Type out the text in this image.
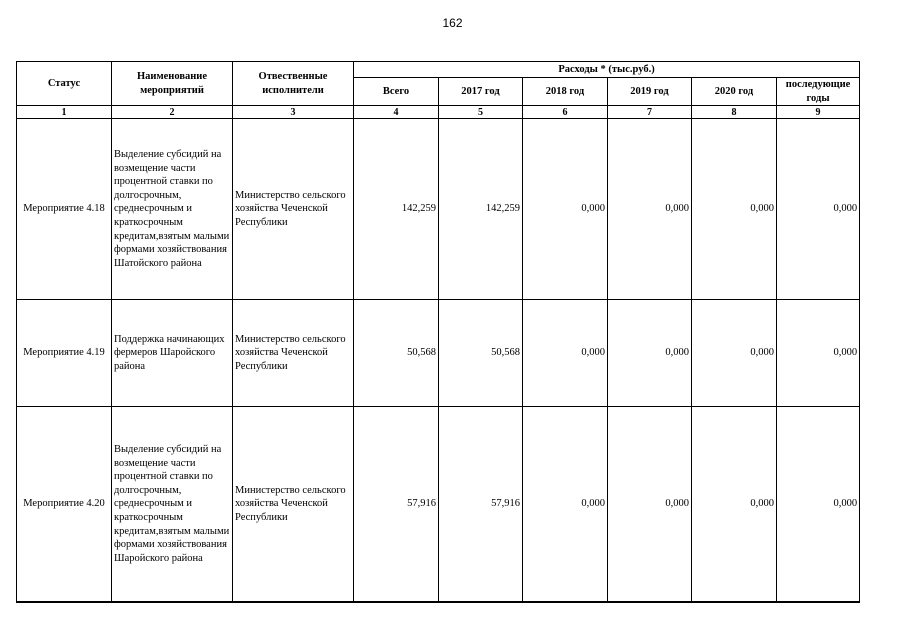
162
Статус	Наименование мероприятий	Отвественные исполнители	Расходы * (тыс.руб.)					
			Всего	2017 год	2018 год	2019 год	2020 год	последующие годы
1	2	3	4	5	6	7	8	9
Мероприятие 4.18	Выделение субсидий на возмещение части процентной ставки по долгосрочным, среднесрочным и краткосрочным кредитам,взятым малыми формами хозяйствования Шатойского района	Министерство сельского хозяйства Чеченской Республики	142,259	142,259	0,000	0,000	0,000	0,000
Мероприятие 4.19	Поддержка начинающих фермеров Шаройского района	Министерство сельского хозяйства Чеченской Республики	50,568	50,568	0,000	0,000	0,000	0,000
Мероприятие 4.20	Выделение субсидий на возмещение части процентной ставки по долгосрочным, среднесрочным и краткосрочным кредитам,взятым малыми формами хозяйствования Шаройского района	Министерство сельского хозяйства Чеченской Республики	57,916	57,916	0,000	0,000	0,000	0,000
